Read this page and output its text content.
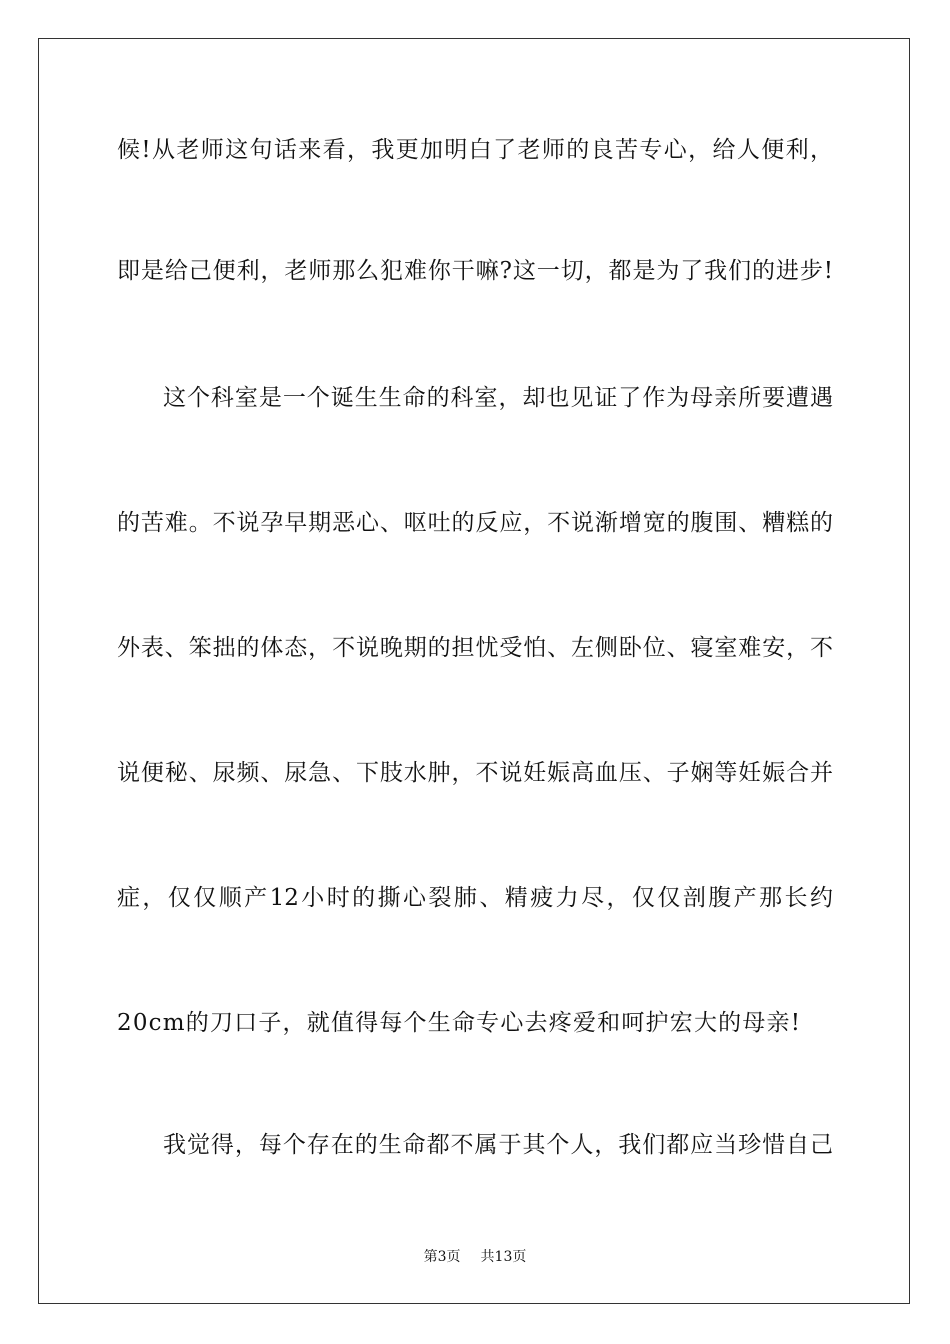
候!从老师这句话来看，我更加明白了老师的良苦专心，给人便利，
即是给己便利，老师那么犯难你干嘛?这一切，都是为了我们的进步!
这个科室是一个诞生生命的科室，却也见证了作为母亲所要遭遇
的苦难。不说孕早期恶心、呕吐的反应，不说渐增宽的腹围、糟糕的
外表、笨拙的体态，不说晚期的担忧受怕、左侧卧位、寝室难安，不
说便秘、尿频、尿急、下肢水肿，不说妊娠高血压、子娴等妊娠合并
症，仅仅顺产12小时的撕心裂肺、精疲力尽，仅仅剖腹产那长约
20cm的刀口子，就值得每个生命专心去疼爱和呵护宏大的母亲!
我觉得，每个存在的生命都不属于其个人，我们都应当珍惜自己
第3页 共13页
